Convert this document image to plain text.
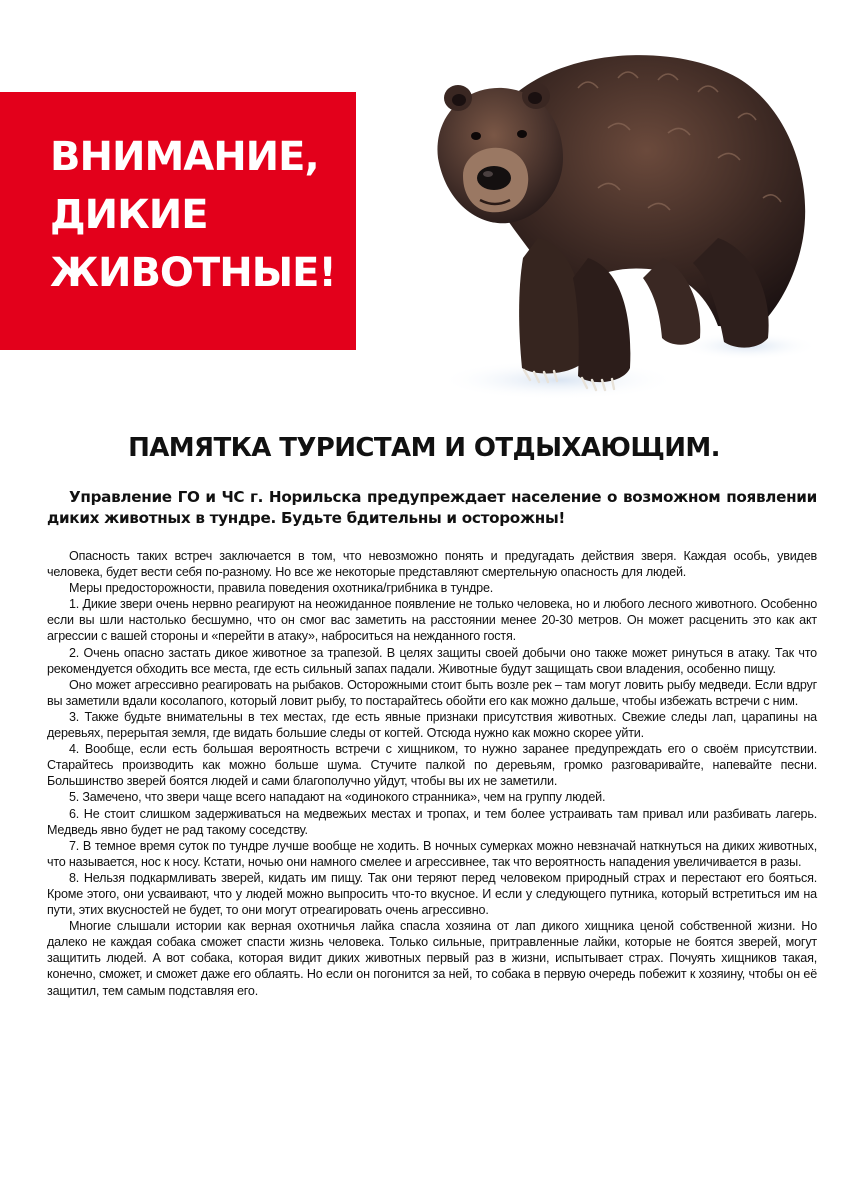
ВНИМАНИЕ,
ДИКИЕ
ЖИВОТНЫЕ!
ПАМЯТКА ТУРИСТАМ И ОТДЫХАЮЩИМ.

Управление ГО и ЧС г. Норильска предупреждает население о возможном появлении диких животных в тундре. Будьте бдительны и осторожны!

Опасность таких встреч заключается в том, что невозможно понять и предугадать действия зверя. Каждая особь, увидев человека, будет вести себя по-разному. Но все же некоторые представляют смертельную опасность для людей.

Меры предосторожности, правила поведения охотника/грибника в тундре.

1. Дикие звери очень нервно реагируют на неожиданное появление не только человека, но и любого лесного животного. Особенно если вы шли настолько бесшумно, что он смог вас заметить на расстоянии менее 20-30 метров. Он может расценить это как акт агрессии с вашей стороны и «перейти в атаку», наброситься на нежданного гостя.

2. Очень опасно застать дикое животное за трапезой. В целях защиты своей добычи оно также может ринуться в атаку. Так что рекомендуется обходить все места, где есть сильный запах падали. Животные будут защищать свои владения, особенно пищу.

Оно может агрессивно реагировать на рыбаков. Осторожными стоит быть возле рек – там могут ловить рыбу медведи. Если вдруг вы заметили вдали косолапого, который ловит рыбу, то постарайтесь обойти его как можно дальше, чтобы избежать встречи с ним.

3. Также будьте внимательны в тех местах, где есть явные признаки присутствия животных. Свежие следы лап, царапины на деревьях, перерытая земля, где видать большие следы от когтей. Отсюда нужно как можно скорее уйти.

4. Вообще, если есть большая вероятность встречи с хищником, то нужно заранее предупреждать его о своём присутствии. Старайтесь производить как можно больше шума. Стучите палкой по деревьям, громко разговаривайте, напевайте песни. Большинство зверей боятся людей и сами благополучно уйдут, чтобы вы их не заметили.

5. Замечено, что звери чаще всего нападают на «одинокого странника», чем на группу людей.

6. Не стоит слишком задерживаться на медвежьих местах и тропах, и тем более устраивать там привал или разбивать лагерь. Медведь явно будет не рад такому соседству.

7. В темное время суток по тундре лучше вообще не ходить. В ночных сумерках можно невзначай наткнуться на диких животных, что называется, нос к носу. Кстати, ночью они намного смелее и агрессивнее, так что вероятность нападения увеличивается в разы.

8. Нельзя подкармливать зверей, кидать им пищу. Так они теряют перед человеком природный страх и перестают его бояться. Кроме этого, они усваивают, что у людей можно выпросить что-то вкусное. И если у следующего путника, который встретиться им на пути, этих вкусностей не будет, то они могут отреагировать очень агрессивно.

Многие слышали истории как верная охотничья лайка спасла хозяина от лап дикого хищника ценой собственной жизни. Но далеко не каждая собака сможет спасти жизнь человека. Только сильные, притравленные лайки, которые не боятся зверей, могут защитить людей. А вот собака, которая видит диких животных первый раз в жизни, испытывает страх. Почуять хищников такая, конечно, сможет, и сможет даже его облаять. Но если он погонится за ней, то собака в первую очередь побежит к хозяину, чтобы он её защитил, тем самым подставляя его.
